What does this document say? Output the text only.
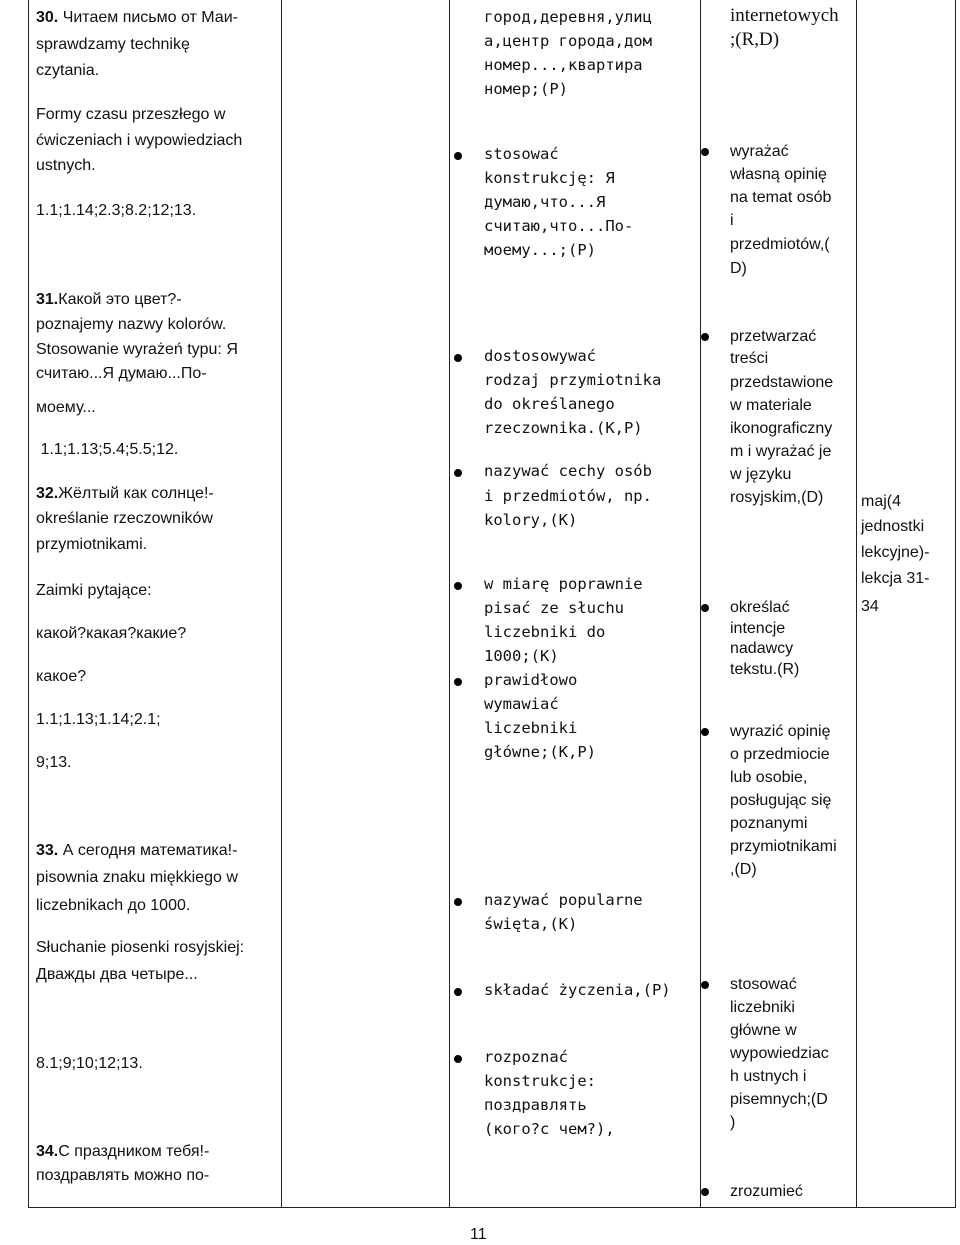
30. Читаем письмо от Маи-
sprawdzamy technikę
czytania.
Formy czasu przeszłego w
ćwiczeniach i wypowiedziach
ustnych.
1.1;1.14;2.3;8.2;12;13.
31.Какой это цвет?-
poznajemy nazwy kolorów.
Stosowanie wyrażeń typu: Я
считаю...Я думаю...По-
моему...
1.1;1.13;5.4;5.5;12.
32.Жёлтый как солнце!-
określanie rzeczowników
przymiotnikami.
Zaimki pytające:
какой?какая?какие?
какое?
1.1;1.13;1.14;2.1;
9;13.
33. А сегодня математика!-
pisownia znaku miękkiego w
liczebnikach до 1000.
Słuchanie piosenki rosyjskiej:
Дважды два четыре...
8.1;9;10;12;13.
34.С праздником тебя!-
поздравлять можно по-
город,деревня,улиц
а,центр города,дом
номер...,квартира
номер;(P)
stosować
konstrukcję: Я
думаю,что...Я
считаю,что...По-
моему...;(P)
dostosowywać
rodzaj przymiotnika
do określanego
rzeczownika.(K,P)
nazywać cechy osób
i przedmiotów, np.
kolory,(K)
w miarę poprawnie
pisać ze słuchu
liczebniki do
1000;(K)
prawidłowo
wymawiać
liczebniki
główne;(K,P)
nazywać popularne
święta,(K)
składać życzenia,(P)
rozpoznać
konstrukcje:
поздравлять
(кого?с чем?),
internetowych
;(R,D)
wyrażać
własną opinię
na temat osób
i
przedmiotów,(
D)
przetwarzać
treści
przedstawione
w materiale
ikonograficzny
m i wyrażać je
w języku
rosyjskim,(D)
określać
intencje
nadawcy
tekstu.(R)
wyrazić opinię
o przedmiocie
lub osobie,
posługując się
poznanymi
przymiotnikami
,(D)
stosować
liczebniki
główne w
wypowiedziac
h ustnych i
pisemnych;(D
)
zrozumieć
maj(4
jednostki
lekcyjne)-
lekcja 31-
34
11
